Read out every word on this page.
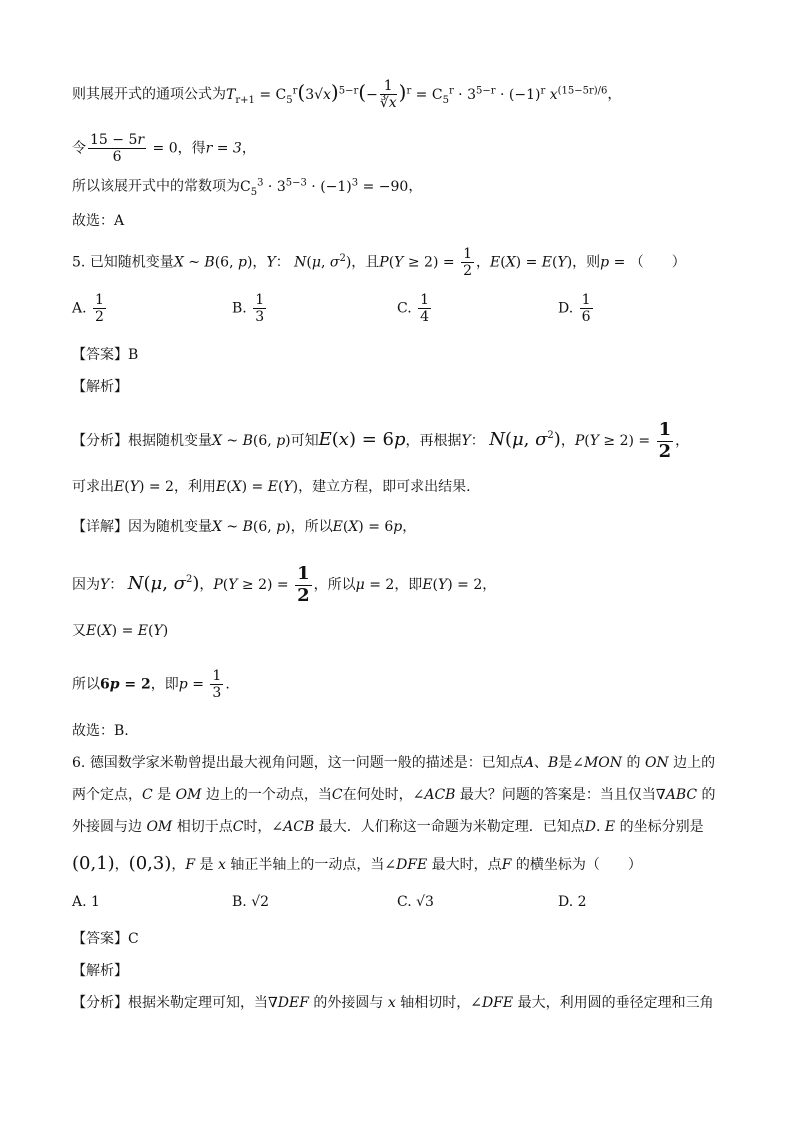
则其展开式的通项公式为$T_{r+1} = C_5^r(3√x)^{5-r}(- \frac{1}{∛x} )^r = C_5^r \cdot 3^{5-r} \cdot (-1)^r$ $x^{(15-5r)/6}$，
令 $\frac{15 - 5r}{6} = 0$，得r = 3，
所以该展开式中的常数项为$C_5^3 \cdot 3^{5-3} \cdot (-1)^3 = -90$，
故选：A
5. 已知随机变量X ~ B(6, p)，Y： N(μ, $\sigma^2$)，且$P(Y \ge 2) = \frac{1}{2}$ ，E(X) = E(Y)，则p = （　　）
A. $\frac{1}{2}$	B. $\frac{1}{3}$	C. $\frac{1}{4}$	D. $\frac{1}{6}$
【答案】B
【解析】
【分析】根据随机变量X ~ B(6, p)可知E(x) = 6p，再根据Y： N(μ, $\sigma^2$)，$P(Y \ge 2) = \frac{1}{2}$ ，
可求出E(Y) = 2，利用E(X) = E(Y)，建立方程，即可求出结果.
【详解】因为随机变量X ~ B(6, p)，所以E(X) = 6p，
因为Y： N(μ, $\sigma^2$)，$P(Y \ge 2) = \frac{1}{2}$ ，所以μ = 2，即E(Y) = 2，
又E(X) = E(Y)
所以6p = 2，即$p = \frac{1}{3}$ .
故选：B.
6. 德国数学家米勒曾提出最大视角问题，这一问题一般的描述是：已知点A、B是∠MON 的 ON 边上的
两个定点，C 是 OM 边上的一个动点，当C在何处时，∠ACB 最大？问题的答案是：当且仅当∇ABC 的
外接圆与边 OM 相切于点C时，∠ACB 最大．人们称这一命题为米勒定理．已知点D. E 的坐标分别是
(0,1)，(0,3)，F 是 x 轴正半轴上的一动点，当∠DFE 最大时，点F 的横坐标为（　　）
A. 1	B. √2	C. √3	D. 2
【答案】C
【解析】
【分析】根据米勒定理可知，当∇DEF 的外接圆与 x 轴相切时，∠DFE 最大，利用圆的垂径定理和三角
